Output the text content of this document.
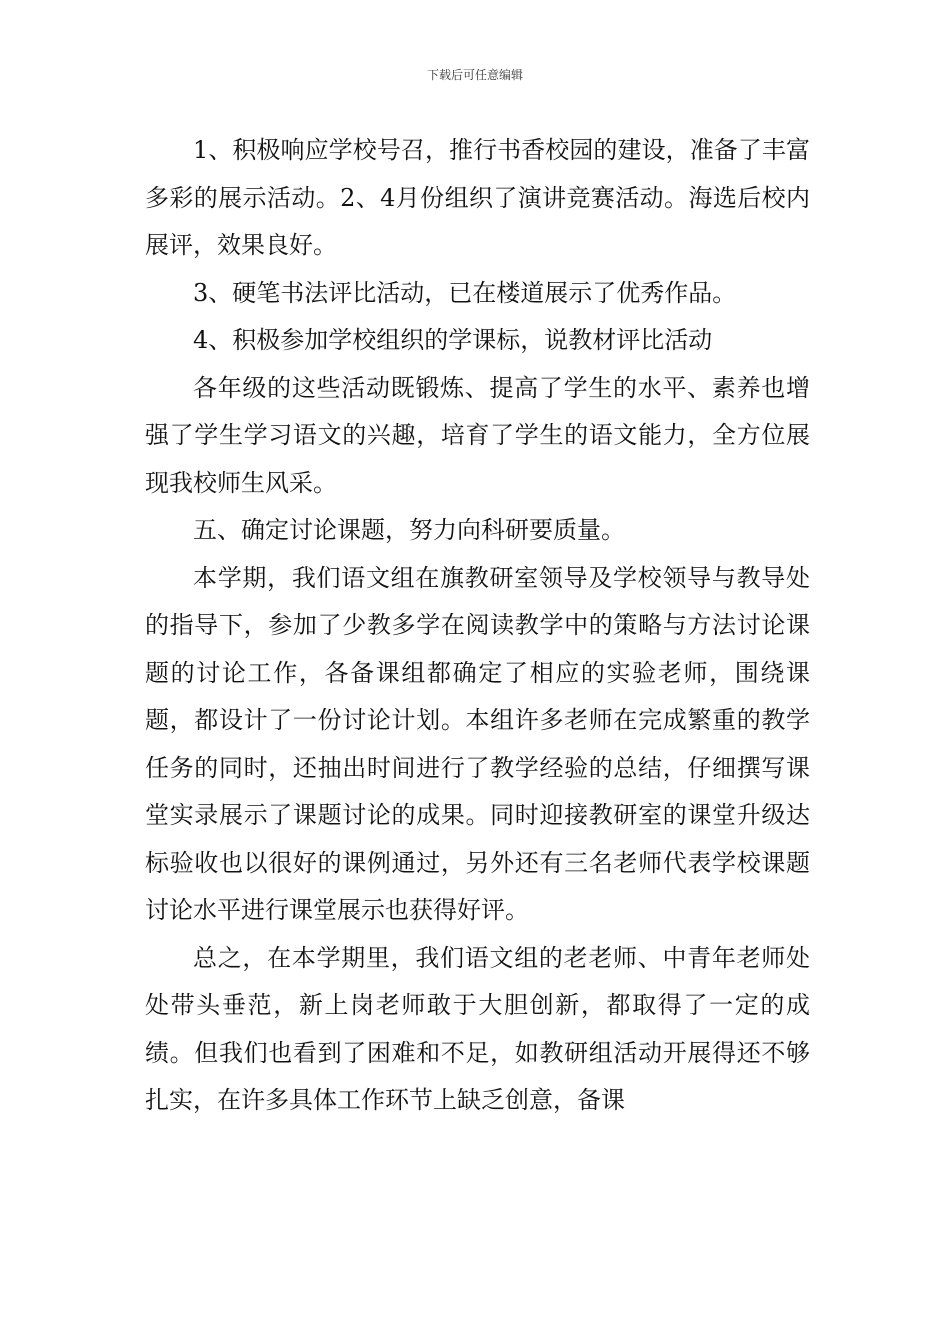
下载后可任意编辑

1、积极响应学校号召，推行书香校园的建设，准备了丰富多彩的展示活动。2、4月份组织了演讲竞赛活动。海选后校内展评，效果良好。

3、硬笔书法评比活动，已在楼道展示了优秀作品。

4、积极参加学校组织的学课标，说教材评比活动

各年级的这些活动既锻炼、提高了学生的水平、素养也增强了学生学习语文的兴趣，培育了学生的语文能力，全方位展现我校师生风采。

五、确定讨论课题，努力向科研要质量。

本学期，我们语文组在旗教研室领导及学校领导与教导处的指导下，参加了少教多学在阅读教学中的策略与方法讨论课题的讨论工作，各备课组都确定了相应的实验老师，围绕课题，都设计了一份讨论计划。本组许多老师在完成繁重的教学任务的同时，还抽出时间进行了教学经验的总结，仔细撰写课堂实录展示了课题讨论的成果。同时迎接教研室的课堂升级达标验收也以很好的课例通过，另外还有三名老师代表学校课题讨论水平进行课堂展示也获得好评。

总之，在本学期里，我们语文组的老老师、中青年老师处处带头垂范，新上岗老师敢于大胆创新，都取得了一定的成绩。但我们也看到了困难和不足，如教研组活动开展得还不够扎实，在许多具体工作环节上缺乏创意，备课
